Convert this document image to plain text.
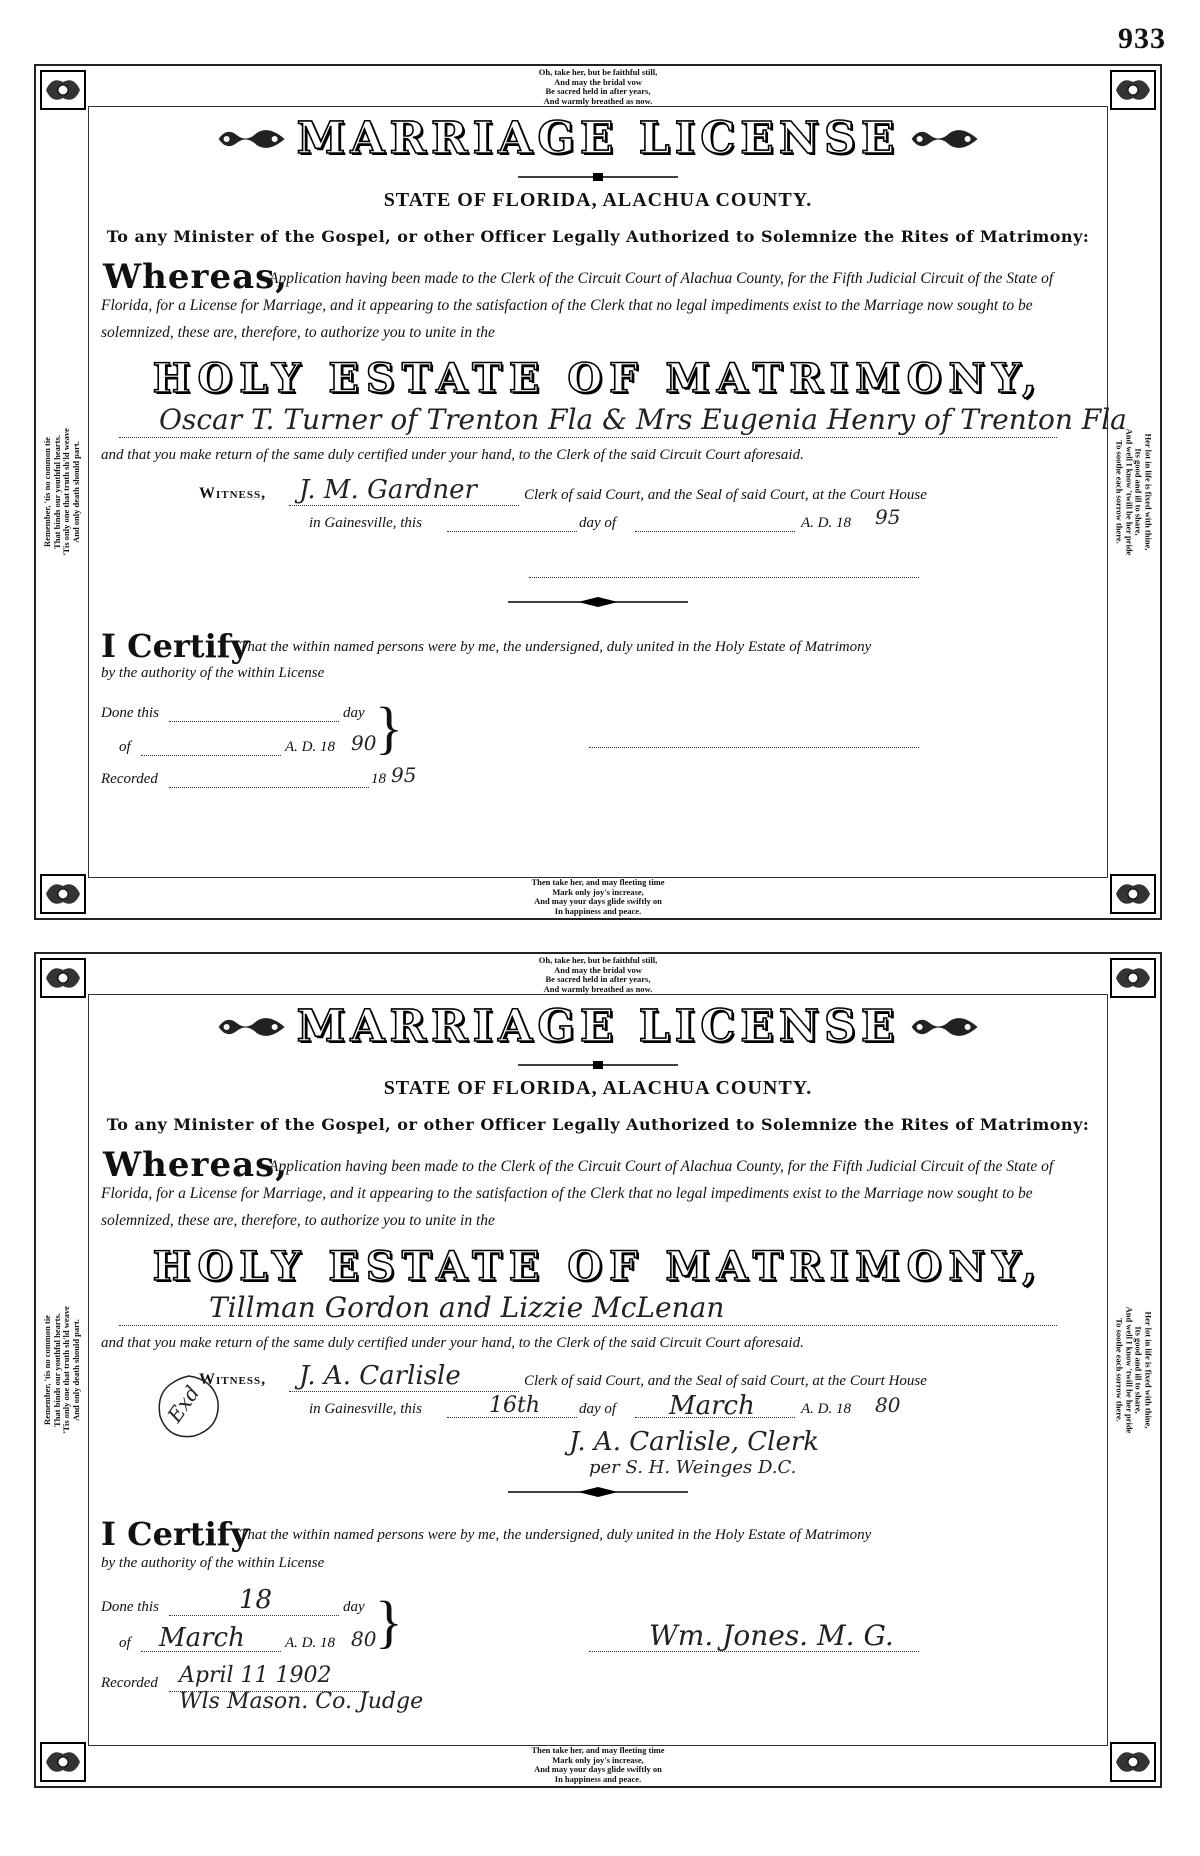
933
Oh, take her, but be faithful still,
And may the bridal vow
Be sacred held in after years,
And warmly breathed as now.
Then take her, and may fleeting time
Mark only joy's increase,
And may your days glide swiftly on
In happiness and peace.
Remember, 'tis no common tie That binds our youthful hearts. 'Tis only one that truth sh'ld weave And only death should part.	Her lot in life is fixed with thine,
Its good and ill to share,
And well I know 'twill be her pride
To soothe each sorrow there.
MARRIAGE LICENSE
STATE OF FLORIDA, ALACHUA COUNTY.
To any Minister of the Gospel, or other Officer Legally Authorized to Solemnize the Rites of Matrimony:
Whereas,
Application having been made to the Clerk of the Circuit Court of Alachua County, for the Fifth Judicial Circuit of the State of Florida, for a License for Marriage, and it appearing to the satisfaction of the Clerk that no legal impediments exist to the Marriage now sought to be solemnized, these are, therefore, to authorize you to unite in the
HOLY ESTATE OF MATRIMONY,
Oscar T. Turner of Trenton Fla & Mrs Eugenia Henry of Trenton Fla
and that you make return of the same duly certified under your hand, to the Clerk of the said Circuit Court aforesaid.
Witness, J. M. Gardner	Clerk of said Court, and the Seal of said Court, at the Court House
in Gainesville, this	day of	A. D. 18 95
I Certify
That the within named persons were by me, the undersigned, duly united in the Holy Estate of Matrimony
by the authority of the within License
Done this	day
of	A. D. 18 90
}
Recorded	18 95
Oh, take her, but be faithful still,
And may the bridal vow
Be sacred held in after years,
And warmly breathed as now.
Then take her, and may fleeting time
Mark only joy's increase,
And may your days glide swiftly on
In happiness and peace.
Remember, 'tis no common tie That binds our youthful hearts. 'Tis only one that truth sh'ld weave And only death should part.	Her lot in life is fixed with thine,
Its good and ill to share,
And well I know 'twill be her pride
To soothe each sorrow there.
MARRIAGE LICENSE
STATE OF FLORIDA, ALACHUA COUNTY.
To any Minister of the Gospel, or other Officer Legally Authorized to Solemnize the Rites of Matrimony:
Whereas,
Application having been made to the Clerk of the Circuit Court of Alachua County, for the Fifth Judicial Circuit of the State of Florida, for a License for Marriage, and it appearing to the satisfaction of the Clerk that no legal impediments exist to the Marriage now sought to be solemnized, these are, therefore, to authorize you to unite in the
HOLY ESTATE OF MATRIMONY,
Tillman Gordon and Lizzie McLenan
and that you make return of the same duly certified under your hand, to the Clerk of the said Circuit Court aforesaid.
Witness, J. A. Carlisle	Clerk of said Court, and the Seal of said Court, at the Court House
in Gainesville, this	16th	day of March	A. D. 18 80
J. A. Carlisle, Clerk
per S. H. Weinges D.C.
I Certify
That the within named persons were by me, the undersigned, duly united in the Holy Estate of Matrimony
by the authority of the within License
Done this	18	day
of March	A. D. 18 80
}	Wm. Jones. M. G.
Recorded April 11 1902
Wls Mason. Co. Judge
Exd
